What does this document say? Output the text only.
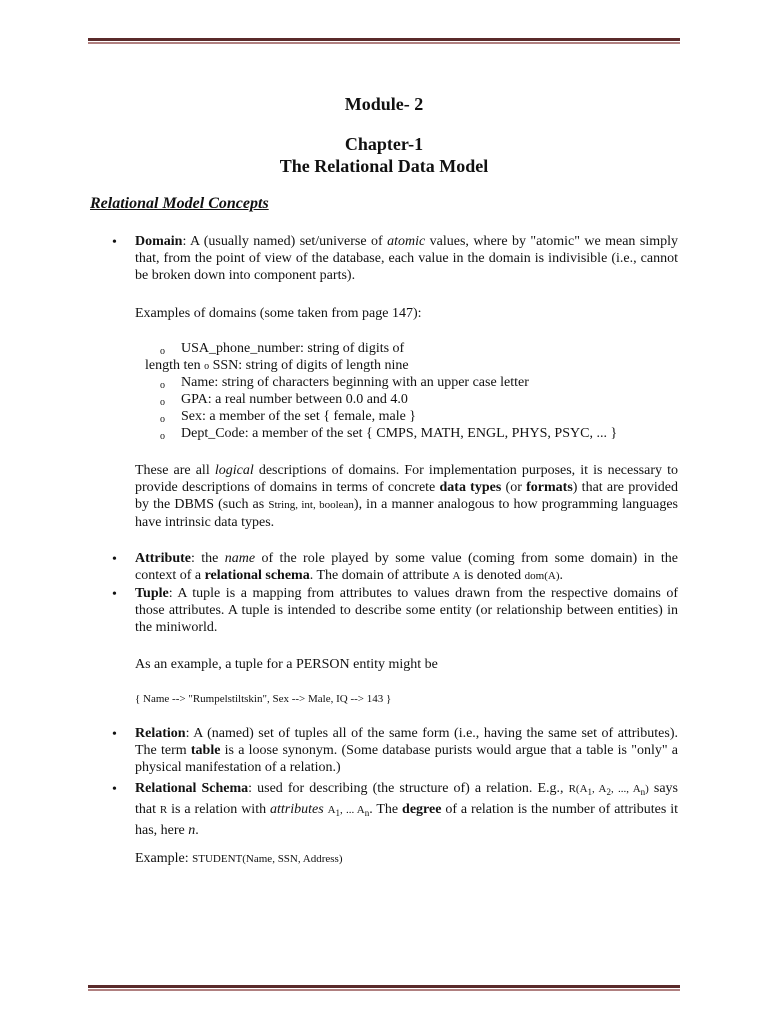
Module- 2
Chapter-1
The Relational Data Model
Relational Model Concepts
• Domain: A (usually named) set/universe of atomic values, where by "atomic" we mean simply that, from the point of view of the database, each value in the domain is indivisible (i.e., cannot be broken down into component parts).
Examples of domains (some taken from page 147):
o USA_phone_number: string of digits of
length ten o SSN: string of digits of length nine
o Name: string of characters beginning with an upper case letter
o GPA: a real number between 0.0 and 4.0
o Sex: a member of the set { female, male }
o Dept_Code: a member of the set { CMPS, MATH, ENGL, PHYS, PSYC, ... }
These are all logical descriptions of domains. For implementation purposes, it is necessary to provide descriptions of domains in terms of concrete data types (or formats) that are provided by the DBMS (such as String, int, boolean), in a manner analogous to how programming languages have intrinsic data types.
• Attribute: the name of the role played by some value (coming from some domain) in the context of a relational schema. The domain of attribute A is denoted dom(A).
• Tuple: A tuple is a mapping from attributes to values drawn from the respective domains of those attributes. A tuple is intended to describe some entity (or relationship between entities) in the miniworld.
As an example, a tuple for a PERSON entity might be
{ Name --> "Rumpelstiltskin", Sex --> Male, IQ --> 143 }
• Relation: A (named) set of tuples all of the same form (i.e., having the same set of attributes). The term table is a loose synonym. (Some database purists would argue that a table is "only" a physical manifestation of a relation.)
• Relational Schema: used for describing (the structure of) a relation. E.g., $R(A_1$, $A_2$, ..., $A_n$) says that R is a relation with attributes $A_1$, ... $A_n$. The degree of a relation is the number of attributes it has, here n.
Example: STUDENT(Name, SSN, Address)
